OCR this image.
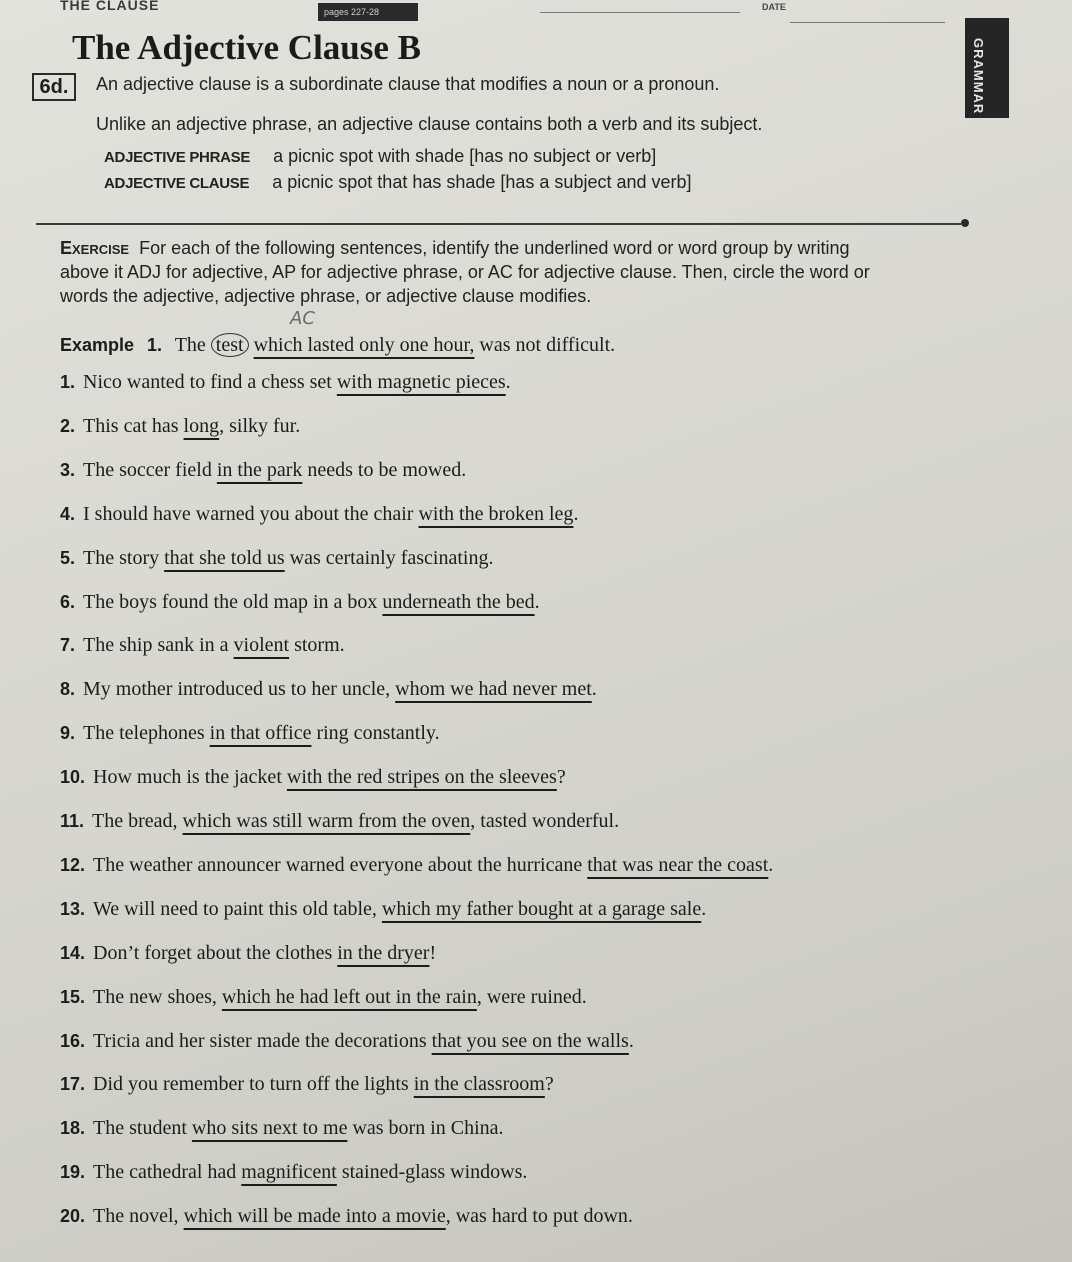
THE CLAUSE	pages 227-28	DATE
GRAMMAR
The Adjective Clause B
6d.	An adjective clause is a subordinate clause that modifies a noun or a pronoun.
Unlike an adjective phrase, an adjective clause contains both a verb and its subject.
ADJECTIVE PHRASE a picnic spot with shade [has no subject or verb]
ADJECTIVE CLAUSE a picnic spot that has shade [has a subject and verb]
Exercise For each of the following sentences, identify the underlined word or word group by writing
above it ADJ for adjective, AP for adjective phrase, or AC for adjective clause. Then, circle the word or
words the adjective, adjective phrase, or adjective clause modifies.
AC
Example 1. The test which lasted only one hour, was not difficult.
1. Nico wanted to find a chess set with magnetic pieces.
2. This cat has long, silky fur.
3. The soccer field in the park needs to be mowed.
4. I should have warned you about the chair with the broken leg.
5. The story that she told us was certainly fascinating.
6. The boys found the old map in a box underneath the bed.
7. The ship sank in a violent storm.
8. My mother introduced us to her uncle, whom we had never met.
9. The telephones in that office ring constantly.
10. How much is the jacket with the red stripes on the sleeves?
11. The bread, which was still warm from the oven, tasted wonderful.
12. The weather announcer warned everyone about the hurricane that was near the coast.
13. We will need to paint this old table, which my father bought at a garage sale.
14. Don’t forget about the clothes in the dryer!
15. The new shoes, which he had left out in the rain, were ruined.
16. Tricia and her sister made the decorations that you see on the walls.
17. Did you remember to turn off the lights in the classroom?
18. The student who sits next to me was born in China.
19. The cathedral had magnificent stained-glass windows.
20. The novel, which will be made into a movie, was hard to put down.
